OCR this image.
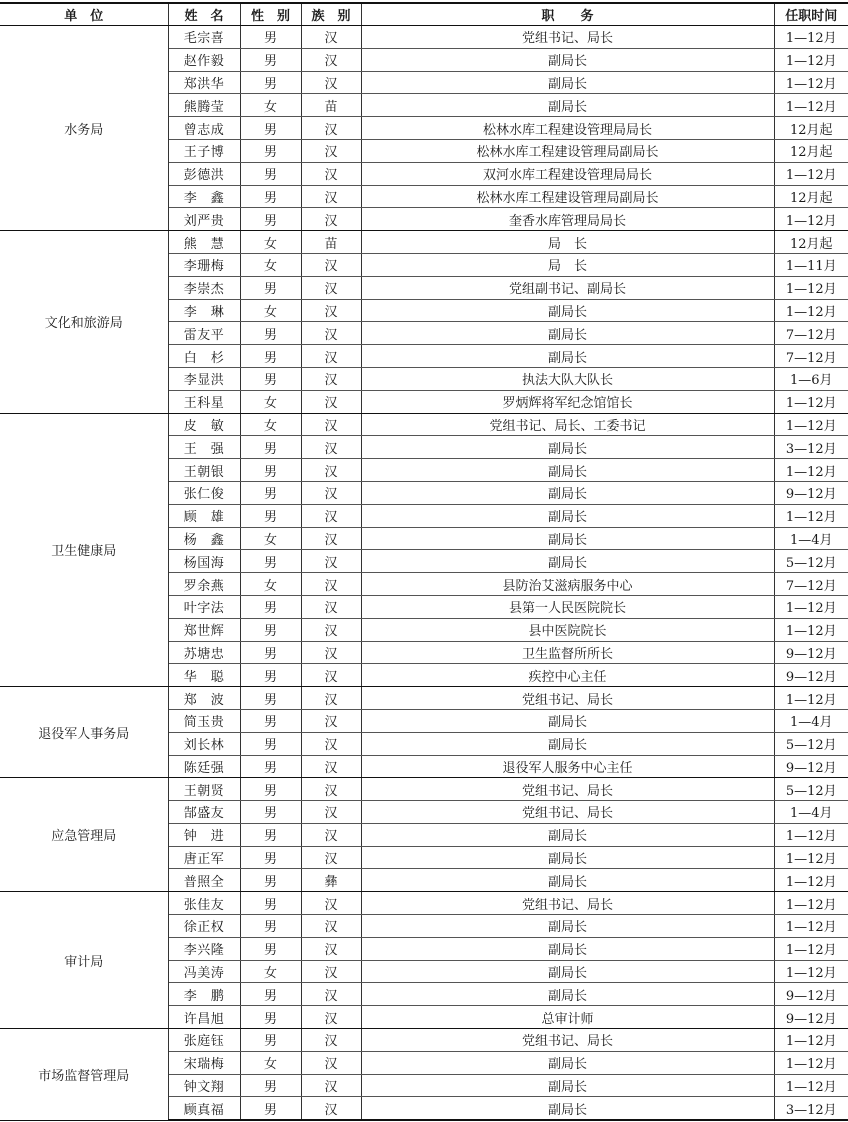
单　位	姓　名	性　别	族　别	职　　务	任职时间
水务局	毛宗喜	男	汉	党组书记、局长	1—12月
	赵作毅	男	汉	副局长	1—12月
	郑洪华	男	汉	副局长	1—12月
	熊腾莹	女	苗	副局长	1—12月
	曾志成	男	汉	松林水库工程建设管理局局长	12月起
	王子博	男	汉	松林水库工程建设管理局副局长	12月起
	彭德洪	男	汉	双河水库工程建设管理局局长	1—12月
	李　鑫	男	汉	松林水库工程建设管理局副局长	12月起
	刘严贵	男	汉	奎香水库管理局局长	1—12月
文化和旅游局	熊　慧	女	苗	局　长	12月起
	李珊梅	女	汉	局　长	1—11月
	李崇杰	男	汉	党组副书记、副局长	1—12月
	李　琳	女	汉	副局长	1—12月
	雷友平	男	汉	副局长	7—12月
	白　杉	男	汉	副局长	7—12月
	李显洪	男	汉	执法大队大队长	1—6月
	王科星	女	汉	罗炳辉将军纪念馆馆长	1—12月
卫生健康局	皮　敏	女	汉	党组书记、局长、工委书记	1—12月
	王　强	男	汉	副局长	3—12月
	王朝银	男	汉	副局长	1—12月
	张仁俊	男	汉	副局长	9—12月
	顾　雄	男	汉	副局长	1—12月
	杨　鑫	女	汉	副局长	1—4月
	杨国海	男	汉	副局长	5—12月
	罗余燕	女	汉	县防治艾滋病服务中心	7—12月
	叶字法	男	汉	县第一人民医院院长	1—12月
	郑世辉	男	汉	县中医院院长	1—12月
	苏塘忠	男	汉	卫生监督所所长	9—12月
	华　聪	男	汉	疾控中心主任	9—12月
退役军人事务局	郑　波	男	汉	党组书记、局长	1—12月
	简玉贵	男	汉	副局长	1—4月
	刘长林	男	汉	副局长	5—12月
	陈廷强	男	汉	退役军人服务中心主任	9—12月
应急管理局	王朝贤	男	汉	党组书记、局长	5—12月
	郜盛友	男	汉	党组书记、局长	1—4月
	钟　进	男	汉	副局长	1—12月
	唐正军	男	汉	副局长	1—12月
	普照全	男	彝	副局长	1—12月
审计局	张佳友	男	汉	党组书记、局长	1—12月
	徐正权	男	汉	副局长	1—12月
	李兴隆	男	汉	副局长	1—12月
	冯美涛	女	汉	副局长	1—12月
	李　鹏	男	汉	副局长	9—12月
	许昌旭	男	汉	总审计师	9—12月
市场监督管理局	张庭钰	男	汉	党组书记、局长	1—12月
	宋瑞梅	女	汉	副局长	1—12月
	钟文翔	男	汉	副局长	1—12月
	顾真福	男	汉	副局长	3—12月
